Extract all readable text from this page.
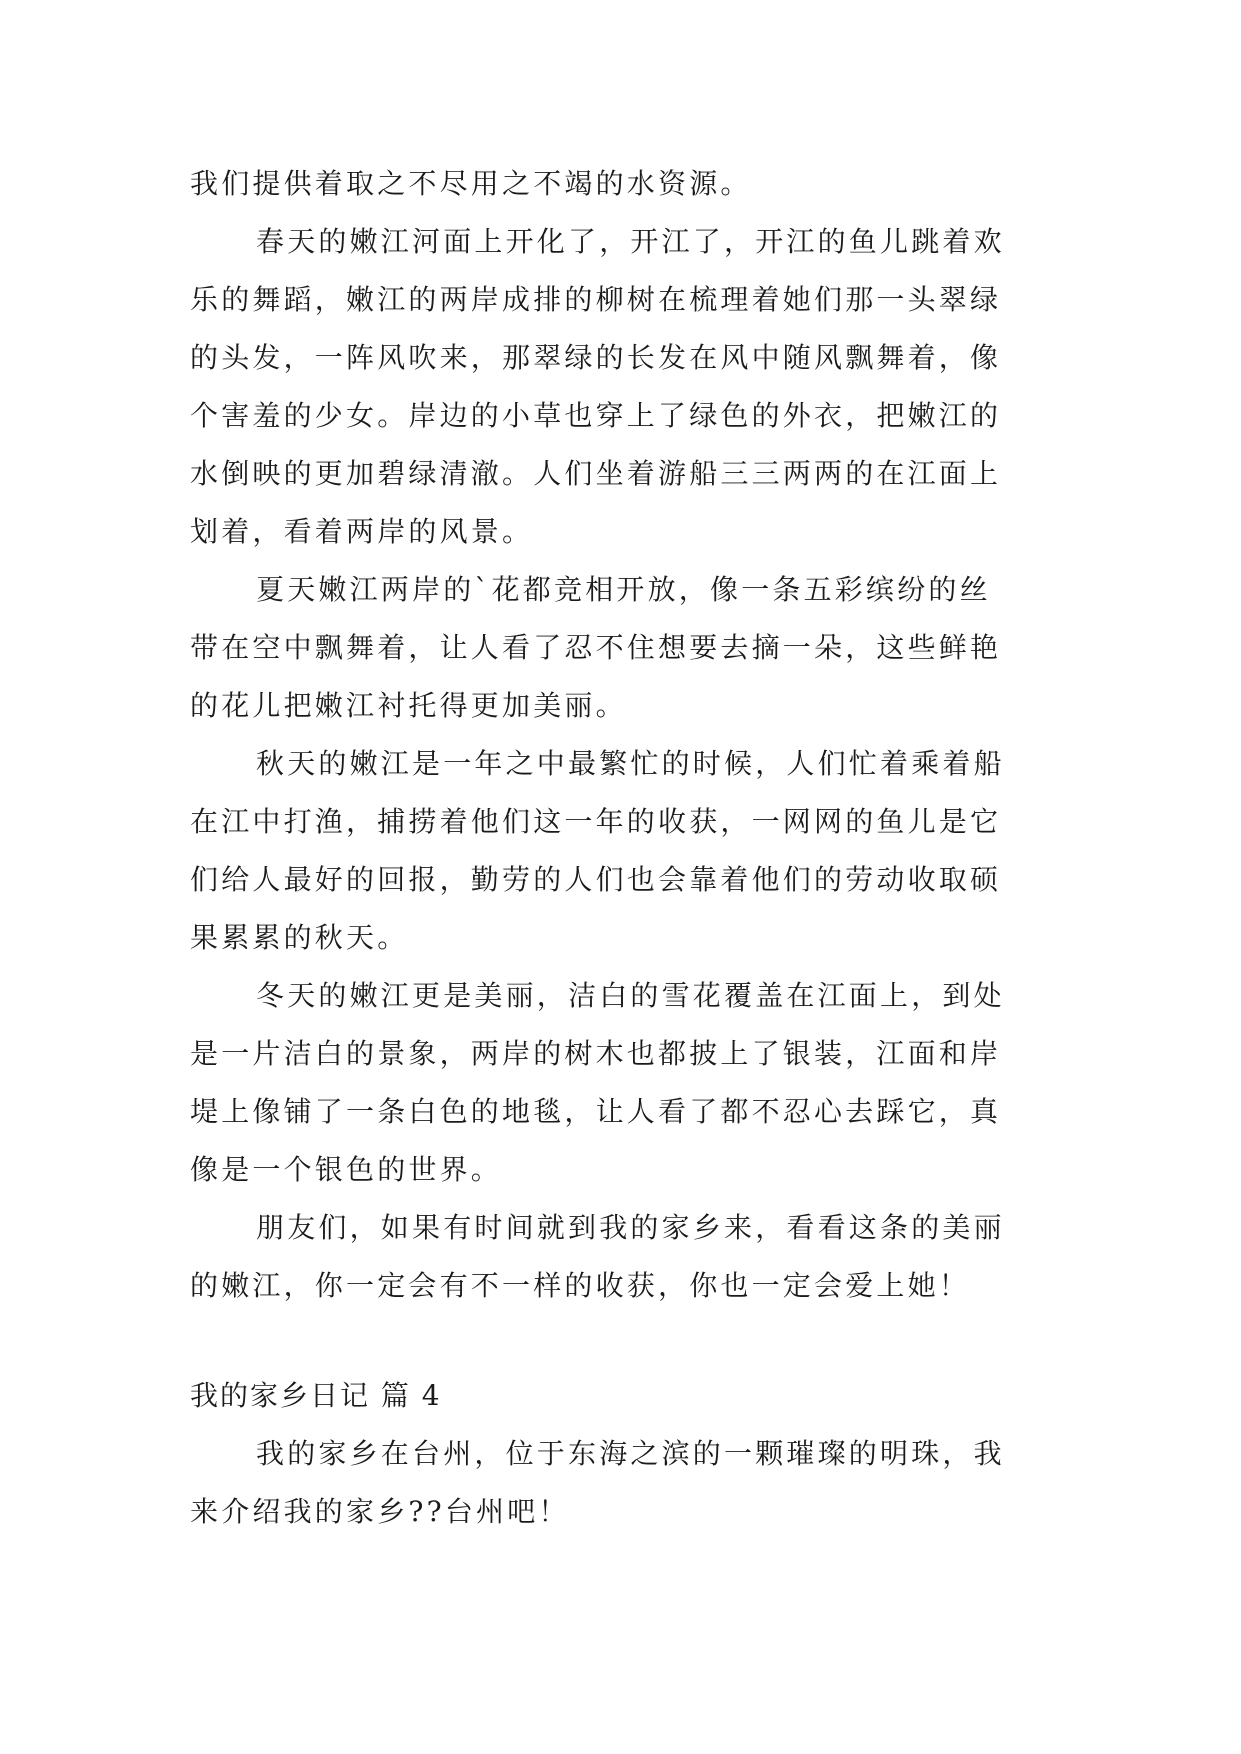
我们提供着取之不尽用之不竭的水资源。
春天的嫩江河面上开化了，开江了，开江的鱼儿跳着欢
乐的舞蹈，嫩江的两岸成排的柳树在梳理着她们那一头翠绿
的头发，一阵风吹来，那翠绿的长发在风中随风飘舞着，像
个害羞的少女。岸边的小草也穿上了绿色的外衣，把嫩江的
水倒映的更加碧绿清澈。人们坐着游船三三两两的在江面上
划着，看着两岸的风景。
夏天嫩江两岸的`花都竞相开放，像一条五彩缤纷的丝
带在空中飘舞着，让人看了忍不住想要去摘一朵，这些鲜艳
的花儿把嫩江衬托得更加美丽。
秋天的嫩江是一年之中最繁忙的时候，人们忙着乘着船
在江中打渔，捕捞着他们这一年的收获，一网网的鱼儿是它
们给人最好的回报，勤劳的人们也会靠着他们的劳动收取硕
果累累的秋天。
冬天的嫩江更是美丽，洁白的雪花覆盖在江面上，到处
是一片洁白的景象，两岸的树木也都披上了银装，江面和岸
堤上像铺了一条白色的地毯，让人看了都不忍心去踩它，真
像是一个银色的世界。
朋友们，如果有时间就到我的家乡来，看看这条的美丽
的嫩江，你一定会有不一样的收获，你也一定会爱上她！
我的家乡日记 篇 4
我的家乡在台州，位于东海之滨的一颗璀璨的明珠，我
来介绍我的家乡??台州吧！
